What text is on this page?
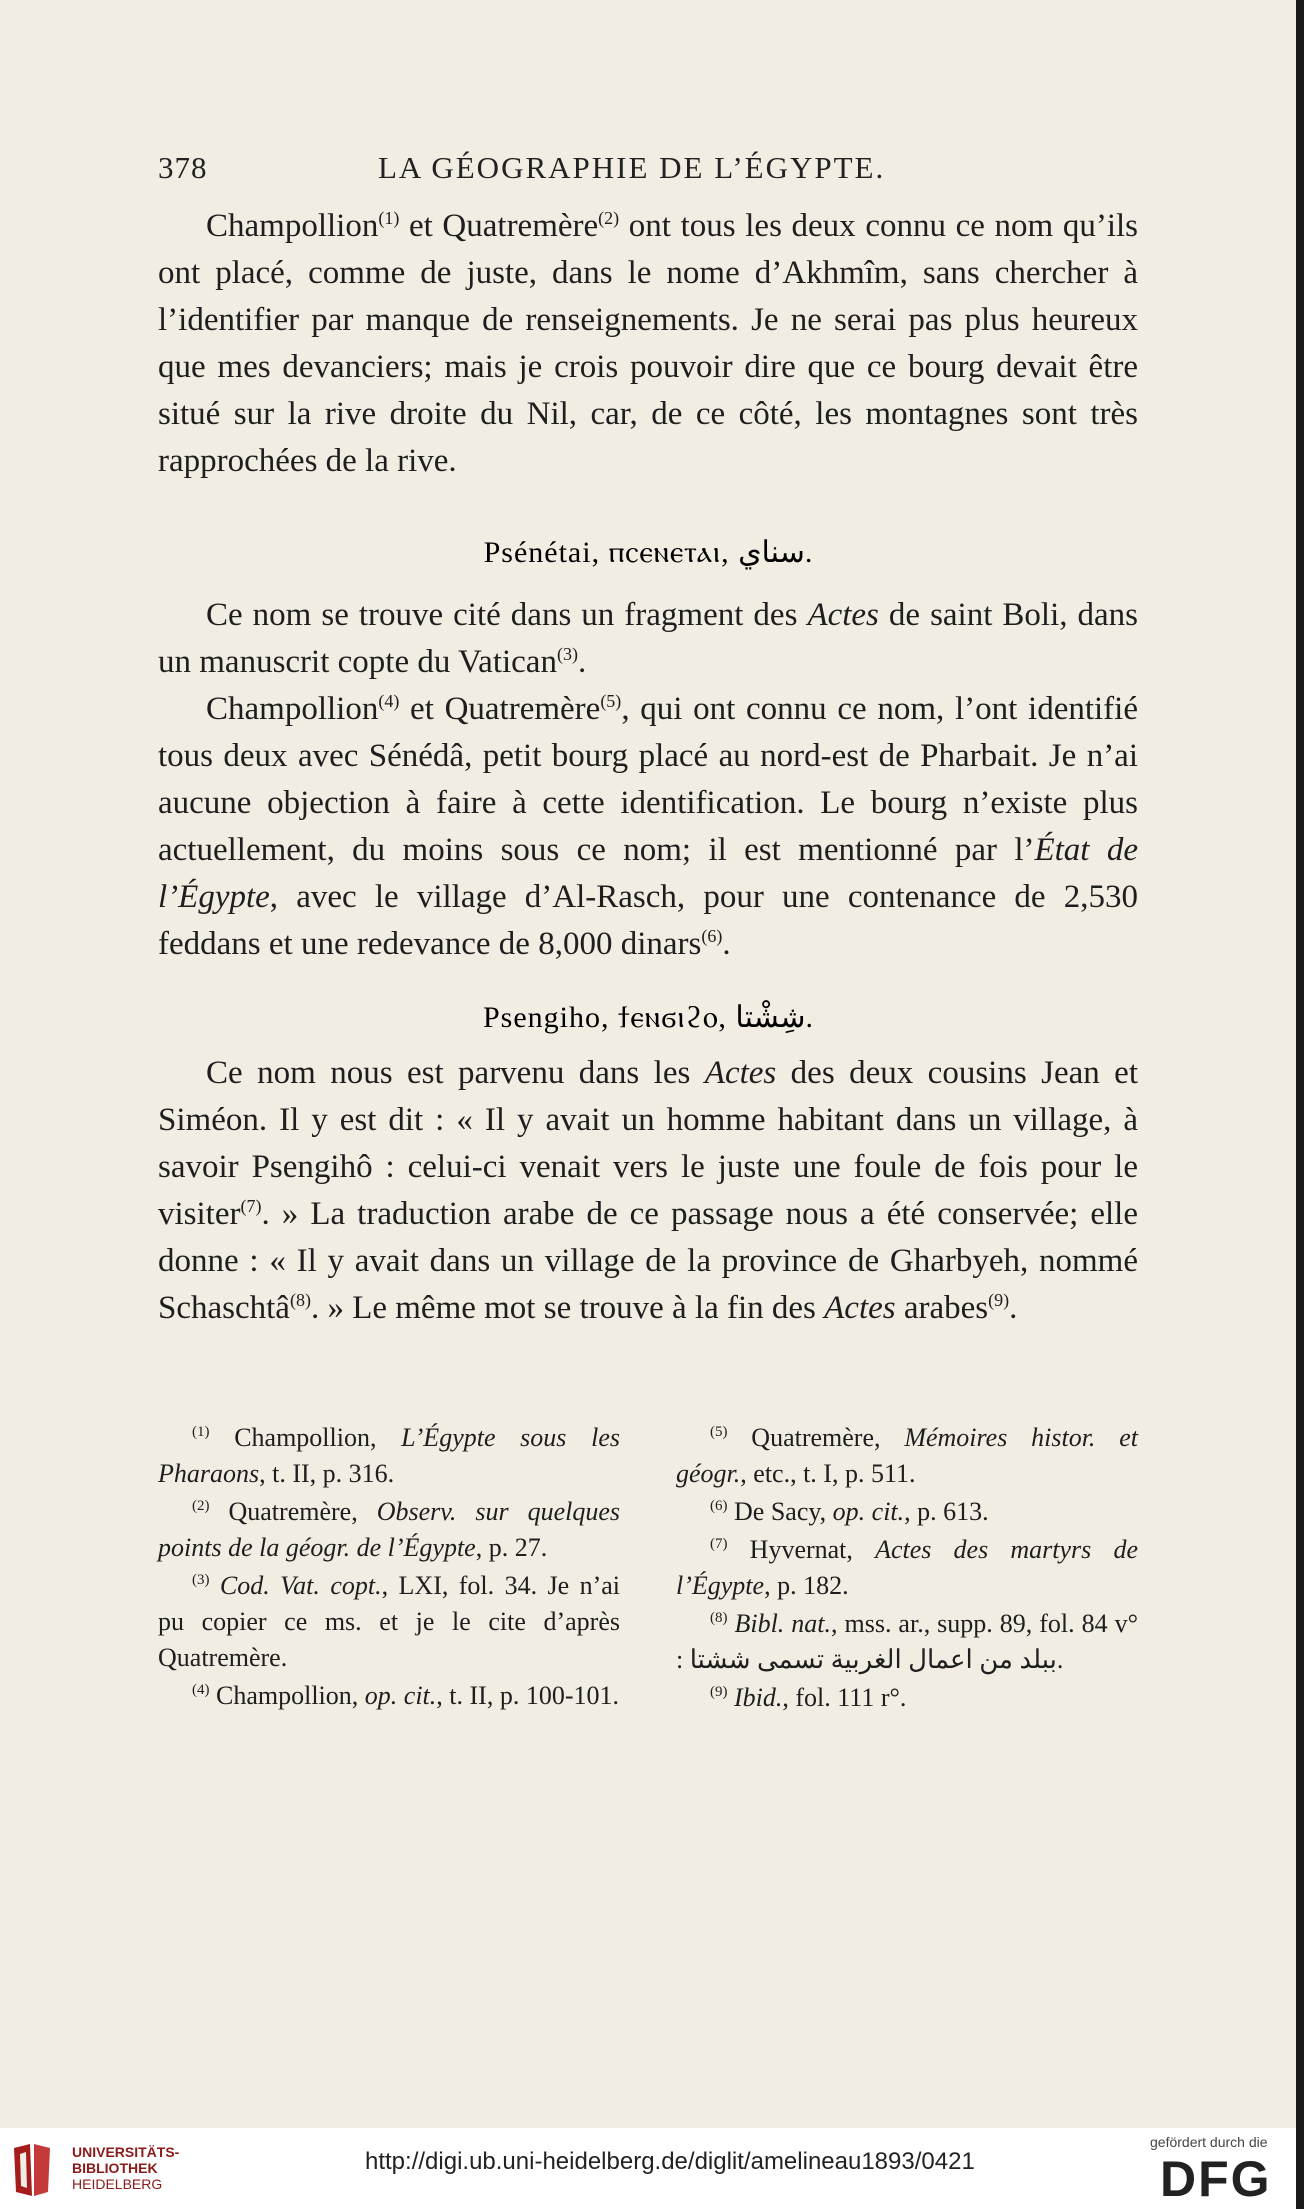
378	LA GÉOGRAPHIE DE L’ÉGYPTE.

Champollion$^{(1)}$ et Quatremère$^{(2)}$ ont tous les deux connu ce nom qu’ils ont placé, comme de juste, dans le nome d’Akhmîm, sans chercher à l’identifier par manque de renseignements. Je ne serai pas plus heureux que mes devanciers; mais je crois pouvoir dire que ce bourg devait être situé sur la rive droite du Nil, car, de ce côté, les montagnes sont très rapprochées de la rive.

Psénétai, ⲡⲥⲉⲛⲉⲧⲁⲓ, سناي.

Ce nom se trouve cité dans un fragment des Actes de saint Boli, dans un manuscrit copte du Vatican$^{(3)}$.

Champollion$^{(4)}$ et Quatremère$^{(5)}$, qui ont connu ce nom, l’ont identifié tous deux avec Sénédâ, petit bourg placé au nord-est de Pharbait. Je n’ai aucune objection à faire à cette identification. Le bourg n’existe plus actuellement, du moins sous ce nom; il est mentionné par l’État de l’Égypte, avec le village d’Al-Rasch, pour une contenance de 2,530 feddans et une redevance de 8,000 dinars$^{(6)}$.

Psengiho, ϯⲉⲛϭⲓϩⲟ, شِشْتا.

Ce nom nous est parvenu dans les Actes des deux cousins Jean et Siméon. Il y est dit : « Il y avait un homme habitant dans un village, à savoir Psengihô : celui-ci venait vers le juste une foule de fois pour le visiter$^{(7)}$. » La traduction arabe de ce passage nous a été conservée; elle donne : « Il y avait dans un village de la province de Gharbyeh, nommé Schaschtâ$^{(8)}$. » Le même mot se trouve à la fin des Actes arabes$^{(9)}$.

$^{(1)}$ Champollion, L’Égypte sous les Pharaons, t. II, p. 316.

$^{(2)}$ Quatremère, Observ. sur quelques points de la géogr. de l’Égypte, p. 27.

$^{(3)}$ Cod. Vat. copt., LXI, fol. 34. Je n’ai pu copier ce ms. et je le cite d’après Quatremère.

$^{(4)}$ Champollion, op. cit., t. II, p. 100-101.

$^{(5)}$ Quatremère, Mémoires histor. et géogr., etc., t. I, p. 511.

$^{(6)}$ De Sacy, op. cit., p. 613.

$^{(7)}$ Hyvernat, Actes des martyrs de l’Égypte, p. 182.

$^{(8)}$ Bibl. nat., mss. ar., supp. 89, fol. 84 v° : ببلد من اعمال الغربية تسمى ششتا.

$^{(9)}$ Ibid., fol. 111 r°.

UNIVERSITÄTS-
BIBLIOTHEK
HEIDELBERG
http://digi.ub.uni-heidelberg.de/diglit/amelineau1893/0421
gefördert durch die
DFG
